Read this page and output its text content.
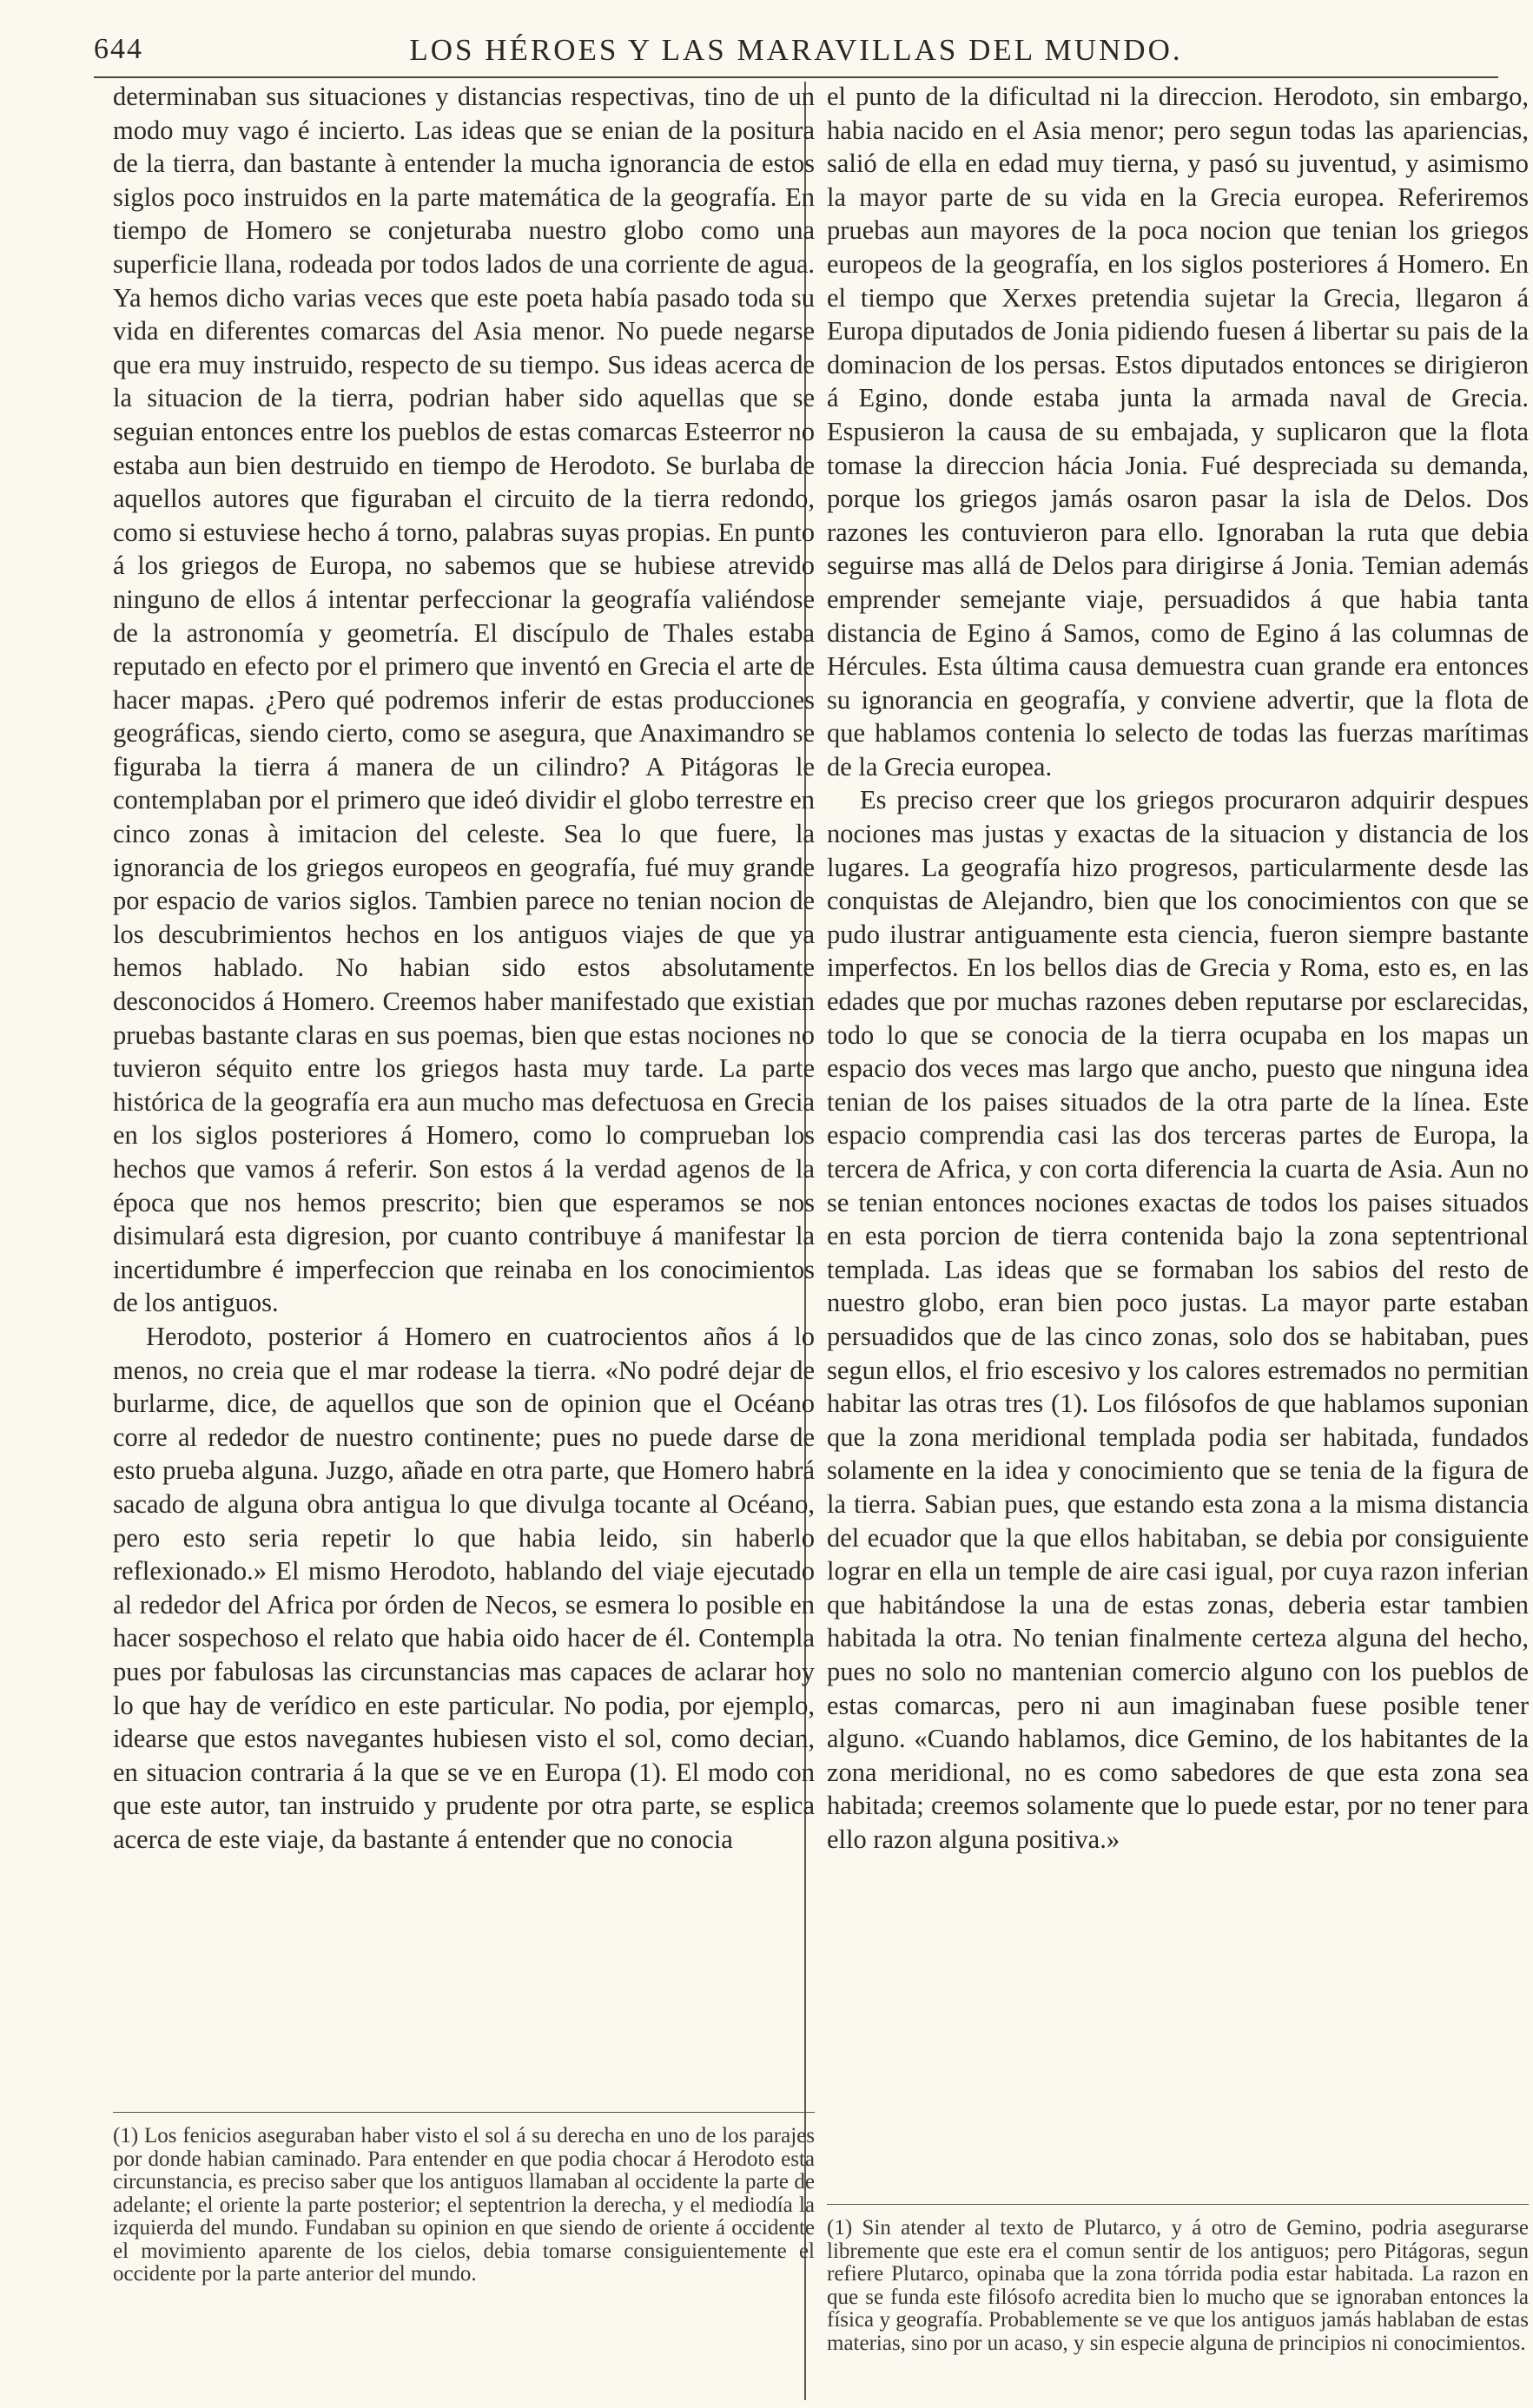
644	LOS HÉROES Y LAS MARAVILLAS DEL MUNDO.

determinaban sus situaciones y distancias respectivas, tino de un modo muy vago é incierto. Las ideas que se enian de la positura de la tierra, dan bastante à entender la mucha ignorancia de estos siglos poco instruidos en la parte matemática de la geografía. En tiempo de Homero se conjeturaba nuestro globo como una superficie llana, rodeada por todos lados de una corriente de agua. Ya hemos dicho varias veces que este poeta había pasado toda su vida en diferentes comarcas del Asia menor. No puede negarse que era muy instruido, respecto de su tiempo. Sus ideas acerca de la situacion de la tierra, podrian haber sido aquellas que se seguian entonces entre los pueblos de estas comarcas Esteerror no estaba aun bien destruido en tiempo de Herodoto. Se burlaba de aquellos autores que figuraban el circuito de la tierra redondo, como si estuviese hecho á torno, palabras suyas propias. En punto á los griegos de Europa, no sabemos que se hubiese atrevido ninguno de ellos á intentar perfeccionar la geografía valiéndose de la astronomía y geometría. El discípulo de Thales estaba reputado en efecto por el primero que inventó en Grecia el arte de hacer mapas. ¿Pero qué podremos inferir de estas producciones geográficas, siendo cierto, como se asegura, que Anaximandro se figuraba la tierra á manera de un cilindro? A Pitágoras le contemplaban por el primero que ideó dividir el globo terrestre en cinco zonas à imitacion del celeste. Sea lo que fuere, la ignorancia de los griegos europeos en geografía, fué muy grande por espacio de varios siglos. Tambien parece no tenian nocion de los descubrimientos hechos en los antiguos viajes de que ya hemos hablado. No habian sido estos absolutamente desconocidos á Homero. Creemos haber manifestado que existian pruebas bastante claras en sus poemas, bien que estas nociones no tuvieron séquito entre los griegos hasta muy tarde. La parte histórica de la geografía era aun mucho mas defectuosa en Grecia en los siglos posteriores á Homero, como lo comprueban los hechos que vamos á referir. Son estos á la verdad agenos de la época que nos hemos prescrito; bien que esperamos se nos disimulará esta digresion, por cuanto contribuye á manifestar la incertidumbre é imperfeccion que reinaba en los conocimientos de los antiguos.

Herodoto, posterior á Homero en cuatrocientos años á lo menos, no creia que el mar rodease la tierra. «No podré dejar de burlarme, dice, de aquellos que son de opinion que el Océano corre al rededor de nuestro continente; pues no puede darse de esto prueba alguna. Juzgo, añade en otra parte, que Homero habrá sacado de alguna obra antigua lo que divulga tocante al Océano, pero esto seria repetir lo que habia leido, sin haberlo reflexionado.» El mismo Herodoto, hablando del viaje ejecutado al rededor del Africa por órden de Necos, se esmera lo posible en hacer sospechoso el relato que habia oido hacer de él. Contempla pues por fabulosas las circunstancias mas capaces de aclarar hoy lo que hay de verídico en este particular. No podia, por ejemplo, idearse que estos navegantes hubiesen visto el sol, como decian, en situacion contraria á la que se ve en Europa (1). El modo con que este autor, tan instruido y prudente por otra parte, se esplica acerca de este viaje, da bastante á entender que no conocia

el punto de la dificultad ni la direccion. Herodoto, sin embargo, habia nacido en el Asia menor; pero segun todas las apariencias, salió de ella en edad muy tierna, y pasó su juventud, y asimismo la mayor parte de su vida en la Grecia europea. Referiremos pruebas aun mayores de la poca nocion que tenian los griegos europeos de la geografía, en los siglos posteriores á Homero. En el tiempo que Xerxes pretendia sujetar la Grecia, llegaron á Europa diputados de Jonia pidiendo fuesen á libertar su pais de la dominacion de los persas. Estos diputados entonces se dirigieron á Egino, donde estaba junta la armada naval de Grecia. Espusieron la causa de su embajada, y suplicaron que la flota tomase la direccion hácia Jonia. Fué despreciada su demanda, porque los griegos jamás osaron pasar la isla de Delos. Dos razones les contuvieron para ello. Ignoraban la ruta que debia seguirse mas allá de Delos para dirigirse á Jonia. Temian además emprender semejante viaje, persuadidos á que habia tanta distancia de Egino á Samos, como de Egino á las columnas de Hércules. Esta última causa demuestra cuan grande era entonces su ignorancia en geografía, y conviene advertir, que la flota de que hablamos contenia lo selecto de todas las fuerzas marítimas de la Grecia europea.

Es preciso creer que los griegos procuraron adquirir despues nociones mas justas y exactas de la situacion y distancia de los lugares. La geografía hizo progresos, particularmente desde las conquistas de Alejandro, bien que los conocimientos con que se pudo ilustrar antiguamente esta ciencia, fueron siempre bastante imperfectos. En los bellos dias de Grecia y Roma, esto es, en las edades que por muchas razones deben reputarse por esclarecidas, todo lo que se conocia de la tierra ocupaba en los mapas un espacio dos veces mas largo que ancho, puesto que ninguna idea tenian de los paises situados de la otra parte de la línea. Este espacio comprendia casi las dos terceras partes de Europa, la tercera de Africa, y con corta diferencia la cuarta de Asia. Aun no se tenian entonces nociones exactas de todos los paises situados en esta porcion de tierra contenida bajo la zona septentrional templada. Las ideas que se formaban los sabios del resto de nuestro globo, eran bien poco justas. La mayor parte estaban persuadidos que de las cinco zonas, solo dos se habitaban, pues segun ellos, el frio escesivo y los calores estremados no permitian habitar las otras tres (1). Los filósofos de que hablamos suponian que la zona meridional templada podia ser habitada, fundados solamente en la idea y conocimiento que se tenia de la figura de la tierra. Sabian pues, que estando esta zona a la misma distancia del ecuador que la que ellos habitaban, se debia por consiguiente lograr en ella un temple de aire casi igual, por cuya razon inferian que habitándose la una de estas zonas, deberia estar tambien habitada la otra. No tenian finalmente certeza alguna del hecho, pues no solo no mantenian comercio alguno con los pueblos de estas comarcas, pero ni aun imaginaban fuese posible tener alguno. «Cuando hablamos, dice Gemino, de los habitantes de la zona meridional, no es como sabedores de que esta zona sea habitada; creemos solamente que lo puede estar, por no tener para ello razon alguna positiva.»

(1) Los fenicios aseguraban haber visto el sol á su derecha en uno de los parajes por donde habian caminado. Para entender en que podia chocar á Herodoto esta circunstancia, es preciso saber que los antiguos llamaban al occidente la parte de adelante; el oriente la parte posterior; el septentrion la derecha, y el mediodía la izquierda del mundo. Fundaban su opinion en que siendo de oriente á occidente el movimiento aparente de los cielos, debia tomarse consiguientemente el occidente por la parte anterior del mundo.

(1) Sin atender al texto de Plutarco, y á otro de Gemino, podria asegurarse libremente que este era el comun sentir de los antiguos; pero Pitágoras, segun refiere Plutarco, opinaba que la zona tórrida podia estar habitada. La razon en que se funda este filósofo acredita bien lo mucho que se ignoraban entonces la física y geografía. Probablemente se ve que los antiguos jamás hablaban de estas materias, sino por un acaso, y sin especie alguna de principios ni conocimientos.
